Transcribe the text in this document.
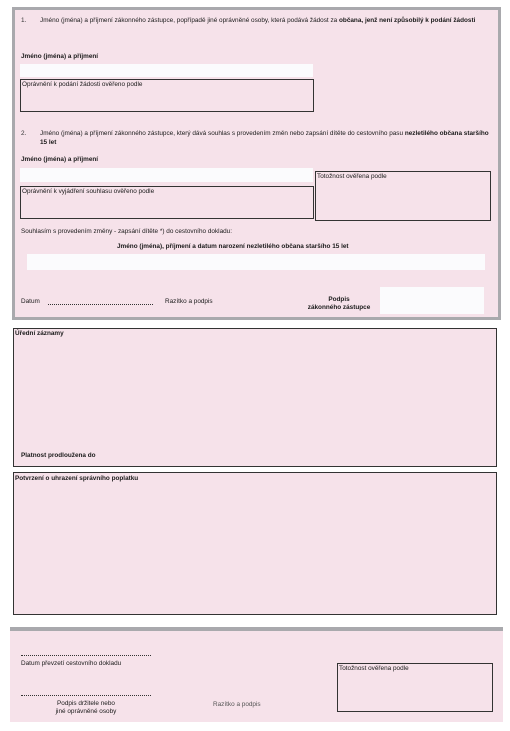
1. Jméno (jména) a příjmení zákonného zástupce, popřípadě jiné oprávněné osoby, která podává žádost za občana, jenž není způsobilý k podání žádosti
Jméno (jména) a příjmení
Oprávnění k podání žádosti ověřeno podle
2. Jméno (jména) a příjmení zákonného zástupce, který dává souhlas s provedením změn nebo zapsání dítěte do cestovního pasu nezletilého občana staršího 15 let
Jméno (jména) a příjmení
Totožnost ověřena podle
Oprávnění k vyjádření souhlasu ověřeno podle
Souhlasím s provedením změny - zapsání dítěte *) do cestovního dokladu:
Jméno (jména), příjmení a datum narození nezletilého občana staršího 15 let
Datum	Razítko a podpis	Podpis
zákonného zástupce
Úřední záznamy
Platnost prodloužena do
Potvrzení o uhrazení správního poplatku
Datum převzetí cestovního dokladu
Podpis držitele nebo
jiné oprávněné osoby
Razítko a podpis
Totožnost ověřena podle
